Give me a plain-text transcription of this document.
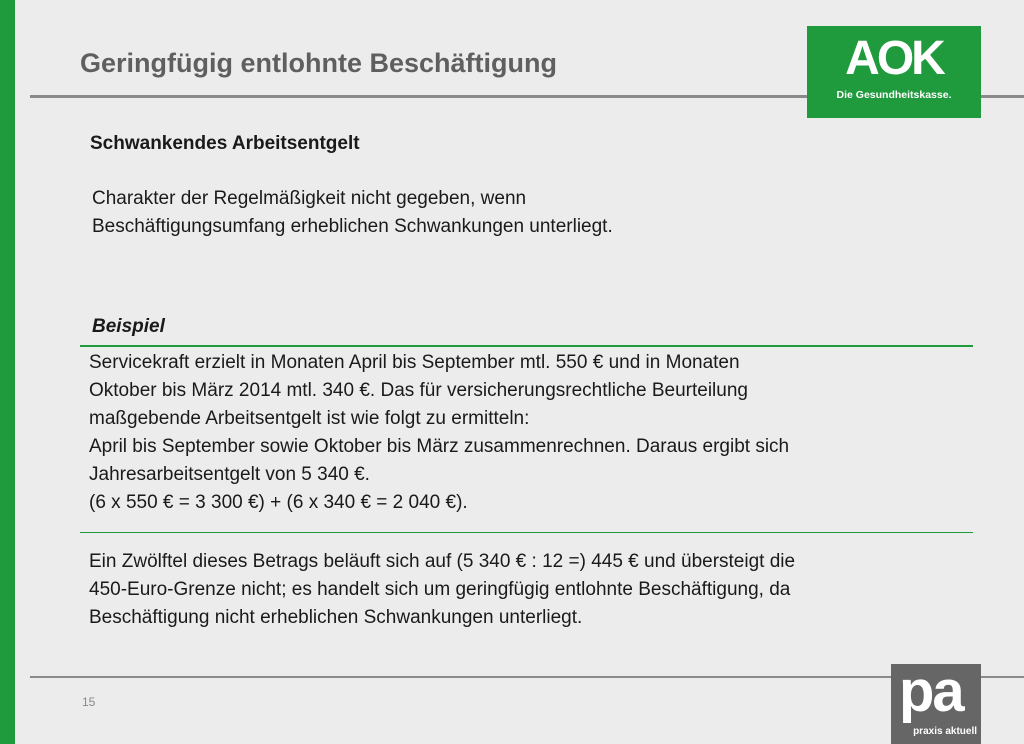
Geringfügig entlohnte Beschäftigung	AOK
Die Gesundheitskasse.
Schwankendes Arbeitsentgelt
Charakter der Regelmäßigkeit nicht gegeben, wenn
Beschäftigungsumfang erheblichen Schwankungen unterliegt.
Beispiel
Servicekraft erzielt in Monaten April bis September mtl. 550 € und in Monaten
Oktober bis März 2014 mtl. 340 €. Das für versicherungsrechtliche Beurteilung
maßgebende Arbeitsentgelt ist wie folgt zu ermitteln:
April bis September sowie Oktober bis März zusammenrechnen. Daraus ergibt sich
Jahresarbeitsentgelt von 5 340 €.
(6 x 550 € = 3 300 €) + (6 x 340 € = 2 040 €).
Ein Zwölftel dieses Betrags beläuft sich auf (5 340 € : 12 =) 445 € und übersteigt die
450-Euro-Grenze nicht; es handelt sich um geringfügig entlohnte Beschäftigung, da
Beschäftigung nicht erheblichen Schwankungen unterliegt.
15	pa
praxis aktuell
